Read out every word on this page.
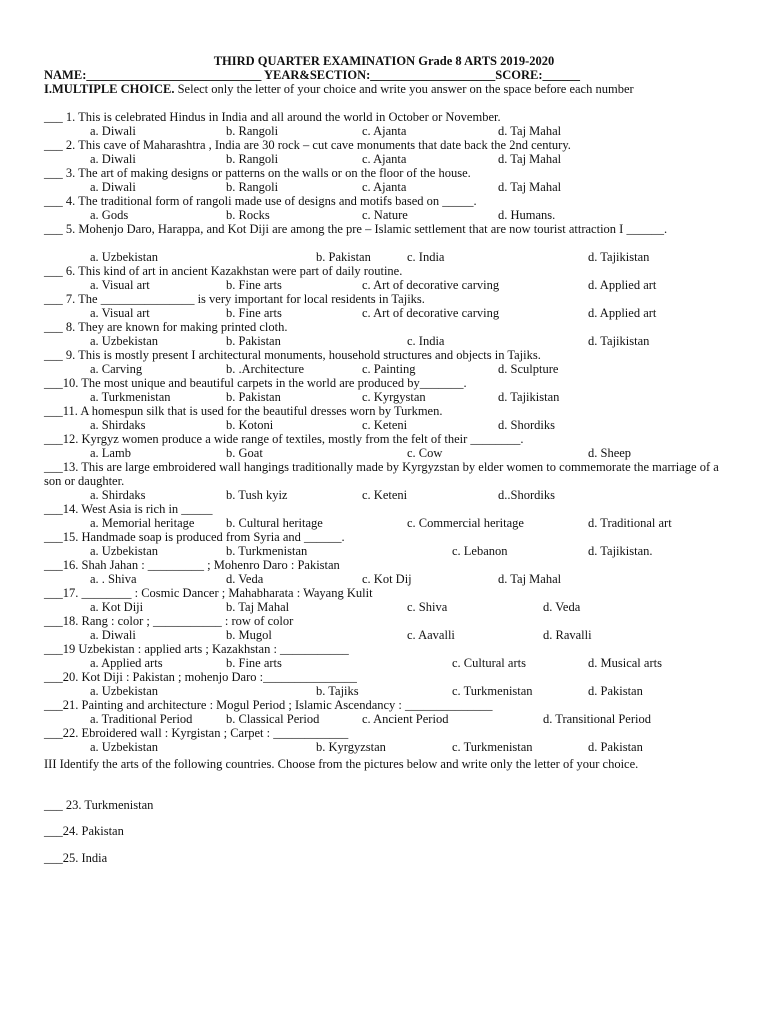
THIRD QUARTER EXAMINATION Grade 8 ARTS 2019-2020
NAME:____________________________ YEAR&SECTION:____________________SCORE:______
I.MULTIPLE CHOICE. Select only the letter of your choice and write you answer on the space before each number
___ 1. This is celebrated Hindus in India and all around the world in October or November.
a. Diwali	b. Rangoli	c. Ajanta	d. Taj Mahal
___ 2. This cave of Maharashtra , India are 30 rock – cut cave monuments that date back the 2nd century.
a. Diwali	b. Rangoli	c. Ajanta	d. Taj Mahal
___ 3. The art of making designs or patterns on the walls or on the floor of the house.
a. Diwali	b. Rangoli	c. Ajanta	d. Taj Mahal
___ 4. The traditional form of rangoli made use of designs and motifs based on _____.
a. Gods	b. Rocks	c. Nature	d. Humans.
___ 5. Mohenjo Daro, Harappa, and Kot Diji are among the pre – Islamic settlement that are now tourist attraction I ______.
a. Uzbekistan	b. Pakistan	c. India	d. Tajikistan
___ 6. This kind of art in ancient Kazakhstan were part of daily routine.
a. Visual art	b. Fine arts	c. Art of decorative carving	d. Applied art
___ 7. The _______________ is very important for local residents in Tajiks.
a. Visual art	b. Fine arts	c. Art of decorative carving	d. Applied art
___ 8. They are known for making printed cloth.
a. Uzbekistan	b. Pakistan	c. India	d. Tajikistan
___ 9. This is mostly present I architectural monuments, household structures and objects in Tajiks.
a. Carving	b. .Architecture	c. Painting	d. Sculpture
___10. The most unique and beautiful carpets in the world are produced by_______.
a. Turkmenistan	b. Pakistan	c. Kyrgystan	d. Tajikistan
___11. A homespun silk that is used for the beautiful dresses worn by Turkmen.
a. Shirdaks	b. Kotoni	c. Keteni	d. Shordiks
___12. Kyrgyz women produce a wide range of textiles, mostly from the felt of their ________.
a. Lamb	b. Goat	c. Cow	d. Sheep
___13. This are large embroidered wall hangings traditionally made by Kyrgyzstan by elder women to commemorate the marriage of a son or daughter.
a. Shirdaks	b. Tush kyiz	c. Keteni	d..Shordiks
___14. West Asia is rich in _____
a. Memorial heritage	b. Cultural heritage	c. Commercial heritage	d. Traditional art
___15. Handmade soap is produced from Syria and ______.
a. Uzbekistan	b. Turkmenistan	c. Lebanon	d. Tajikistan.
___16. Shah Jahan : _________ ; Mohenro Daro : Pakistan
a. . Shiva	d. Veda	c. Kot Dij	d. Taj Mahal
___17. ________ : Cosmic Dancer ; Mahabharata : Wayang Kulit
a. Kot Diji	b. Taj Mahal	c. Shiva	d. Veda
___18. Rang : color ; ___________ : row of color
a. Diwali	b. Mugol	c. Aavalli	d. Ravalli
___19 Uzbekistan : applied arts ; Kazakhstan : ___________
a. Applied arts	b. Fine arts	c. Cultural arts	d. Musical arts
___20. Kot Diji : Pakistan ; mohenjo Daro :_______________
a. Uzbekistan	b. Tajiks	c. Turkmenistan	d. Pakistan
___21. Painting and architecture : Mogul Period ; Islamic Ascendancy : ______________
a. Traditional Period	b. Classical Period	c. Ancient Period	d. Transitional Period
___22. Ebroidered wall : Kyrgistan ; Carpet : ____________
a. Uzbekistan	b. Kyrgyzstan	c. Turkmenistan	d. Pakistan
III Identify the arts of the following countries. Choose from the pictures below and write only the letter of your choice.
___ 23. Turkmenistan
___24. Pakistan
___25. India
